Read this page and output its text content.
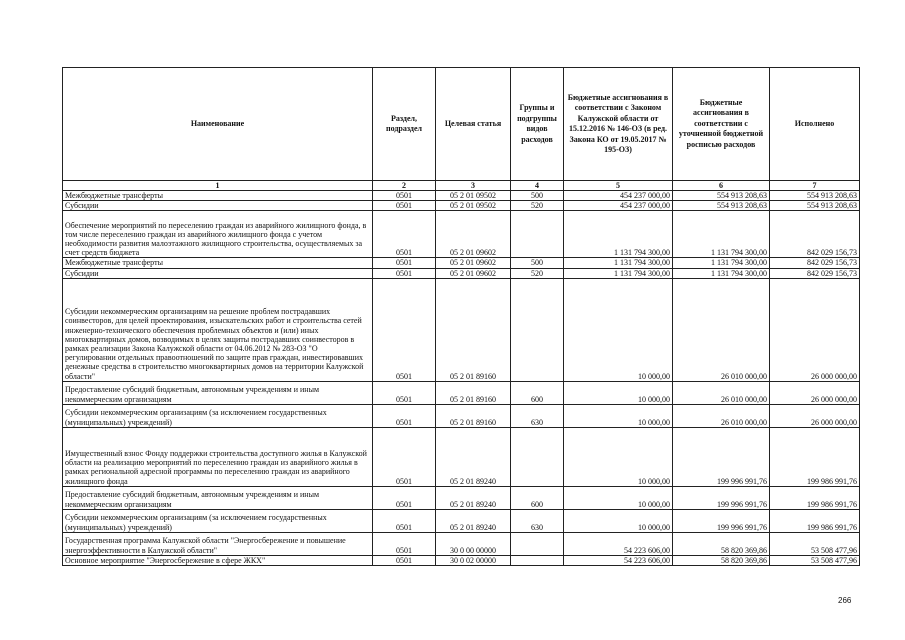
Наименование	Раздел, подраздел	Целевая статья	Группы и подгруппы видов расходов	Бюджетные ассигнования в соответствии с Законом Калужской области от 15.12.2016 № 146-ОЗ (в ред. Закона КО от 19.05.2017 № 195-ОЗ)	Бюджетные ассигнования в соответствии с уточненной бюджетной росписью расходов	Исполнено
1	2	3	4	5	6	7
Межбюджетные трансферты	0501	05 2 01 09502	500	454 237 000,00	554 913 208,63	554 913 208,63
Субсидии	0501	05 2 01 09502	520	454 237 000,00	554 913 208,63	554 913 208,63
Обеспечение мероприятий по переселению граждан из аварийного жилищного фонда, в том числе переселению граждан из аварийного жилищного фонда с учетом необходимости развития малоэтажного жилищного строительства, осуществляемых за счет средств бюджета	0501	05 2 01 09602		1 131 794 300,00	1 131 794 300,00	842 029 156,73
Межбюджетные трансферты	0501	05 2 01 09602	500	1 131 794 300,00	1 131 794 300,00	842 029 156,73
Субсидии	0501	05 2 01 09602	520	1 131 794 300,00	1 131 794 300,00	842 029 156,73
Субсидии некоммерческим организациям на решение проблем пострадавших соинвесторов, для целей проектирования, изыскательских работ и строительства сетей инженерно-технического обеспечения проблемных объектов и (или) иных многоквартирных домов, возводимых в целях защиты пострадавших соинвесторов в рамках реализации Закона Калужской области от 04.06.2012 № 283-ОЗ "О регулировании отдельных правоотношений по защите прав граждан, инвестировавших денежные средства в строительство многоквартирных домов на территории Калужской области"	0501	05 2 01 89160		10 000,00	26 010 000,00	26 000 000,00
Предоставление субсидий бюджетным, автономным учреждениям и иным некоммерческим организациям	0501	05 2 01 89160	600	10 000,00	26 010 000,00	26 000 000,00
Субсидии некоммерческим организациям (за исключением государственных (муниципальных) учреждений)	0501	05 2 01 89160	630	10 000,00	26 010 000,00	26 000 000,00
Имущественный взнос Фонду поддержки строительства доступного жилья в Калужской области на реализацию мероприятий по переселению граждан из аварийного жилья в рамках региональной адресной программы по переселению граждан из аварийного жилищного фонда	0501	05 2 01 89240		10 000,00	199 996 991,76	199 986 991,76
Предоставление субсидий бюджетным, автономным учреждениям и иным некоммерческим организациям	0501	05 2 01 89240	600	10 000,00	199 996 991,76	199 986 991,76
Субсидии некоммерческим организациям (за исключением государственных (муниципальных) учреждений)	0501	05 2 01 89240	630	10 000,00	199 996 991,76	199 986 991,76
Государственная программа Калужской области "Энергосбережение и повышение энергоэффективности в Калужской области"	0501	30 0 00 00000		54 223 606,00	58 820 369,86	53 508 477,96
Основное мероприятие "Энергосбережение в сфере ЖКХ"	0501	30 0 02 00000		54 223 606,00	58 820 369,86	53 508 477,96
266
